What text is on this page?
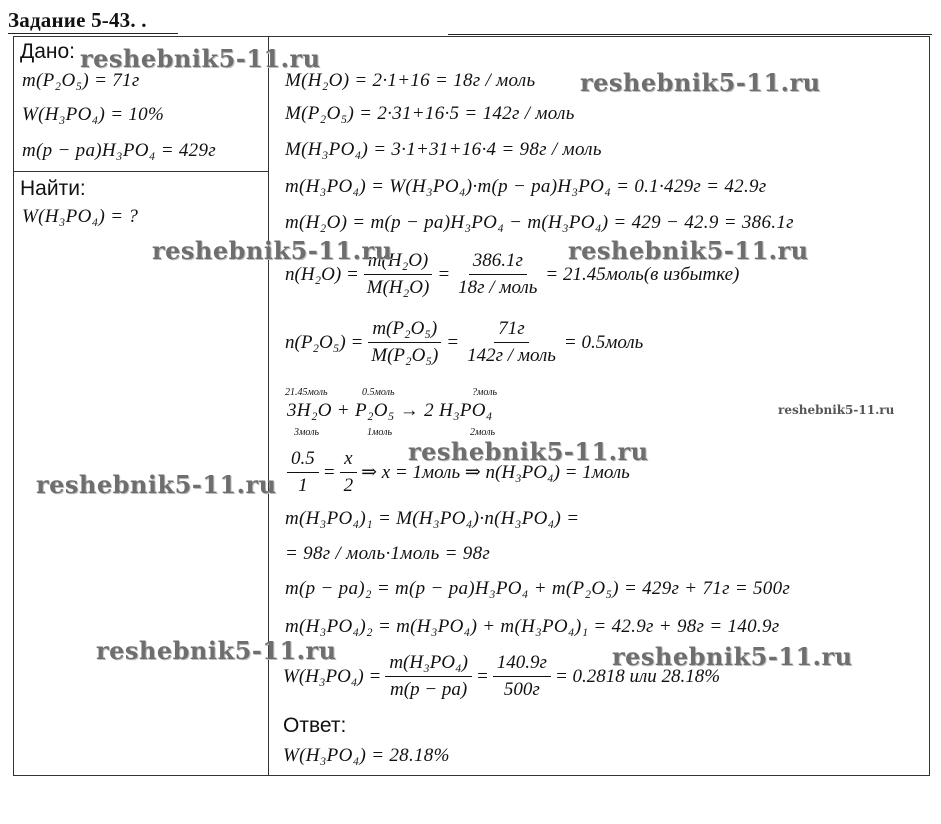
Задание 5-43. .
Дано:
m(P₂O₅) = 71г
W(H₃PO₄) = 10%
m(p − pa)H₃PO₄ = 429г
Найти:
W(H₃PO₄) = ?
M(H₂O) = 2·1+16 = 18г / моль
M(P₂O₅) = 2·31+16·5 = 142г / моль
M(H₃PO₄) = 3·1+31+16·4 = 98г / моль
m(H₃PO₄) = W(H₃PO₄)·m(p − pa)H₃PO₄ = 0.1·429г = 42.9г
m(H₂O) = m(p − pa)H₃PO₄ − m(H₃PO₄) = 429 − 42.9 = 386.1г
$n(H_2O) = \frac{\text{m(H₂O)}}{\text{M(H₂O)}} = \frac{386.1г}{\text{18г / моль}}$ = 21.45моль(в избытке)
$n(P_2O_5) = \frac{\text{m(P₂O₅)}}{\text{M(P₂O₅)}} = \frac{71г}{\text{142г / моль}}$ = 0.5моль
21.45моль	0.5моль	?моль
3H₂O + P₂O₅ → 2 H₃PO₄
3моль	1моль	2моль
$\frac{0.5}{1} = \frac{x}{2}$ ⇒ x = 1моль ⇒ n(H₃PO₄) = 1моль
m(H₃PO₄)₁ = M(H₃PO₄)·n(H₃PO₄) =
= 98г / моль·1моль = 98г
m(p − pa)₂ = m(p − pa)H₃PO₄ + m(P₂O₅) = 429г + 71г = 500г
m(H₃PO₄)₂ = m(H₃PO₄) + m(H₃PO₄)₁ = 42.9г + 98г = 140.9г
$W(H_3PO_4) = \frac{\text{m(H₃PO₄)}}{m(p - pa)} = \frac{140.9г}{500г} = 0.2818$ или 28.18%
Ответ:
W(H₃PO₄) = 28.18%
reshebnik5-11.ru
reshebnik5-11.ru
reshebnik5-11.ru	reshebnik5-11.ru
reshebnik5-11.ru
reshebnik5-11.ru
reshebnik5-11.ru	reshebnik5-11.ru
reshebnik5-11.ru
